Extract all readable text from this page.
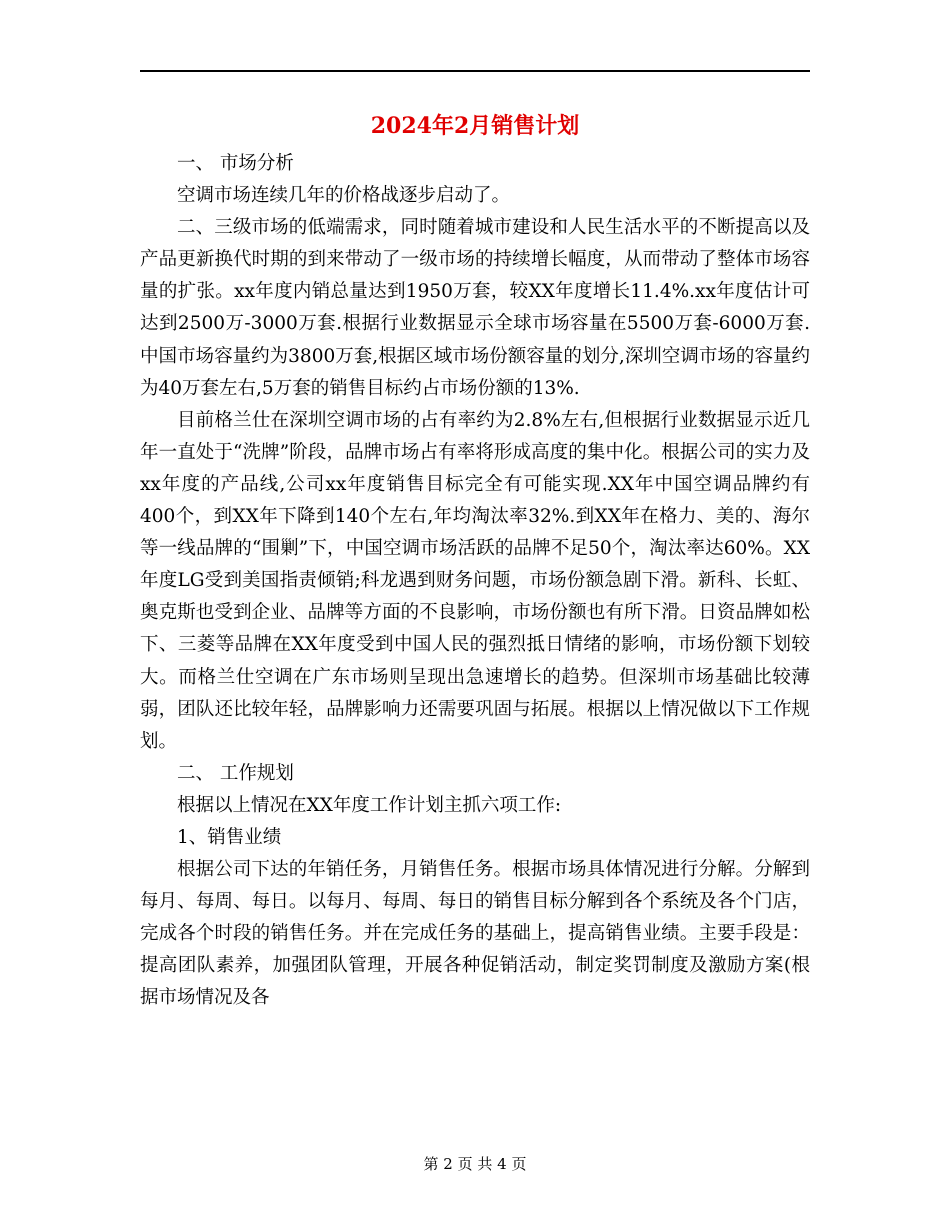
2024年2月销售计划

一、 市场分析

空调市场连续几年的价格战逐步启动了。

二、三级市场的低端需求，同时随着城市建设和人民生活水平的不断提高以及产品更新换代时期的到来带动了一级市场的持续增长幅度，从而带动了整体市场容量的扩张。xx年度内销总量达到1950万套，较XX年度增长11.4%.xx年度估计可达到2500万-3000万套.根据行业数据显示全球市场容量在5500万套-6000万套.中国市场容量约为3800万套,根据区域市场份额容量的划分,深圳空调市场的容量约为40万套左右,5万套的销售目标约占市场份额的13%.

目前格兰仕在深圳空调市场的占有率约为2.8%左右,但根据行业数据显示近几年一直处于“洗牌”阶段，品牌市场占有率将形成高度的集中化。根据公司的实力及xx年度的产品线,公司xx年度销售目标完全有可能实现.XX年中国空调品牌约有400个，到XX年下降到140个左右,年均淘汰率32%.到XX年在格力、美的、海尔等一线品牌的“围剿”下，中国空调市场活跃的品牌不足50个，淘汰率达60%。XX年度LG受到美国指责倾销;科龙遇到财务问题，市场份额急剧下滑。新科、长虹、奥克斯也受到企业、品牌等方面的不良影响，市场份额也有所下滑。日资品牌如松下、三菱等品牌在XX年度受到中国人民的强烈抵日情绪的影响，市场份额下划较大。而格兰仕空调在广东市场则呈现出急速增长的趋势。但深圳市场基础比较薄弱，团队还比较年轻，品牌影响力还需要巩固与拓展。根据以上情况做以下工作规划。

二、 工作规划

根据以上情况在XX年度工作计划主抓六项工作:

1、销售业绩

根据公司下达的年销任务，月销售任务。根据市场具体情况进行分解。分解到每月、每周、每日。以每月、每周、每日的销售目标分解到各个系统及各个门店，完成各个时段的销售任务。并在完成任务的基础上，提高销售业绩。主要手段是：提高团队素养，加强团队管理，开展各种促销活动，制定奖罚制度及激励方案(根据市场情况及各

第 2 页 共 4 页
